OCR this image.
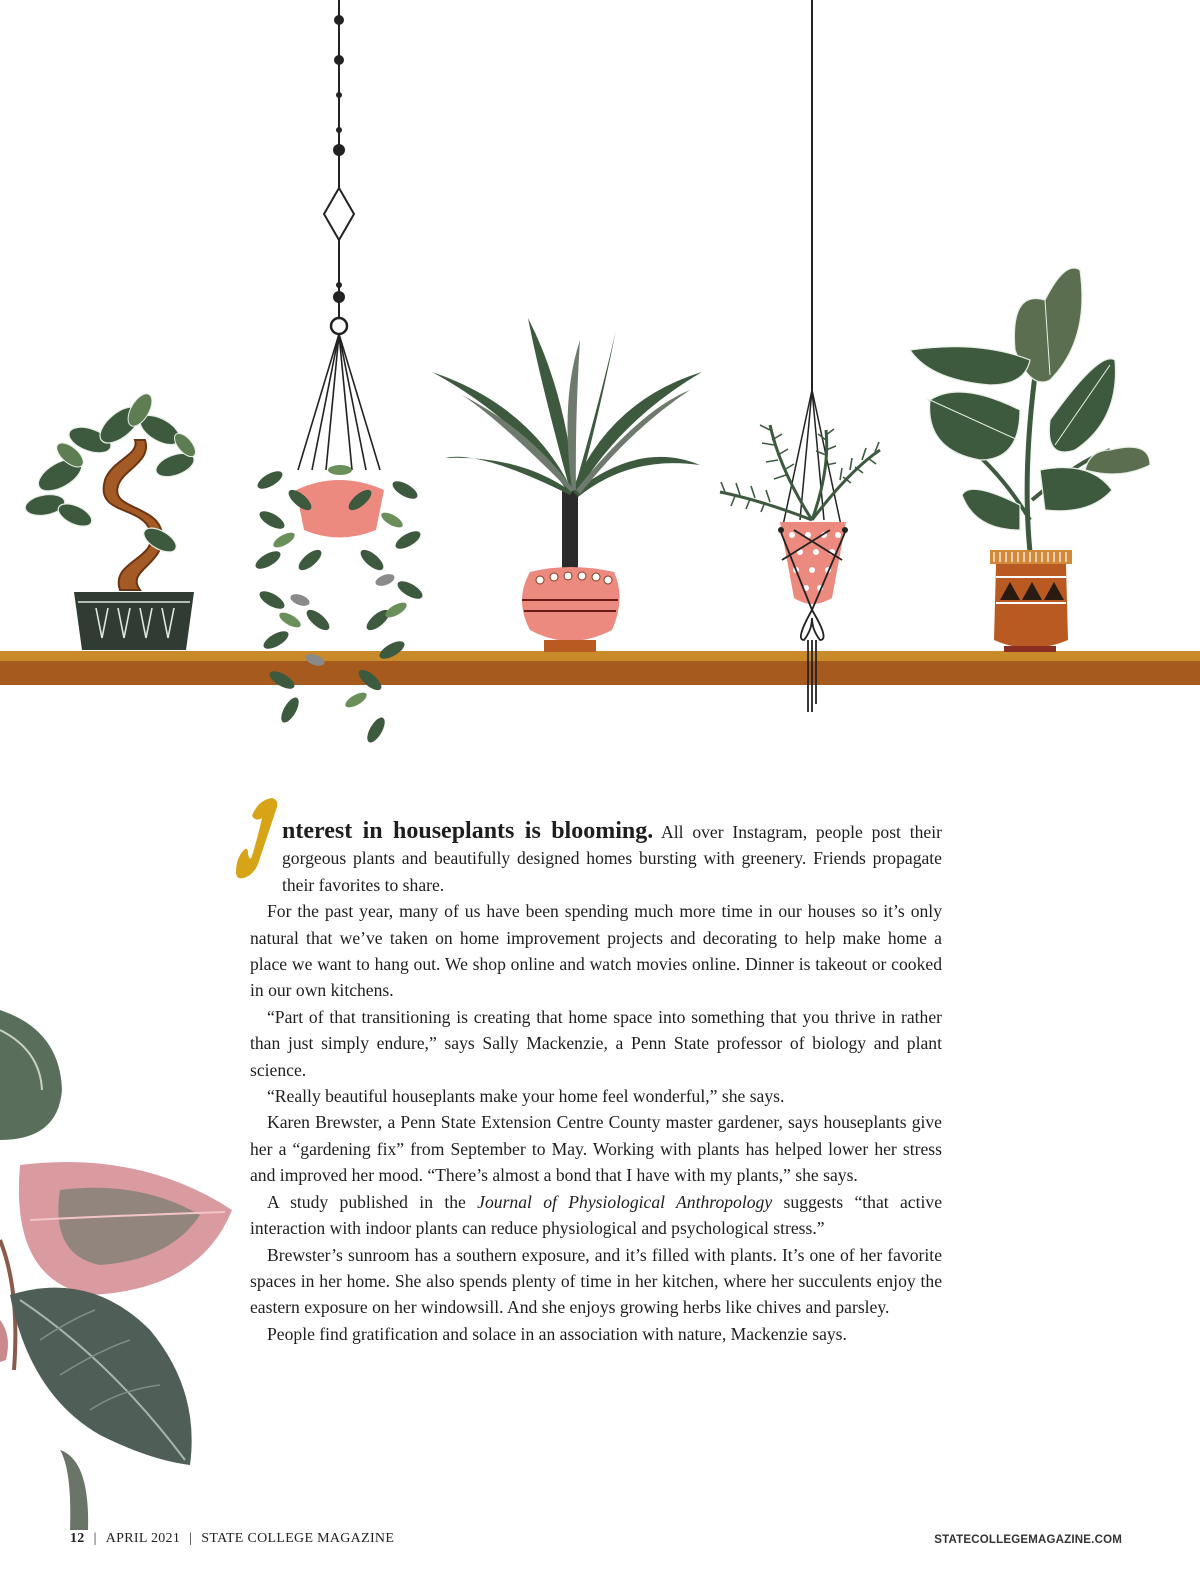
nterest in houseplants is blooming. All over Instagram, people post their gorgeous plants and beautifully designed homes bursting with greenery. Friends propagate their favorites to share.

For the past year, many of us have been spending much more time in our houses so it’s only natural that we’ve taken on home improvement projects and decorating to help make home a place we want to hang out. We shop online and watch movies online. Dinner is takeout or cooked in our own kitchens.

“Part of that transitioning is creating that home space into something that you thrive in rather than just simply endure,” says Sally Mackenzie, a Penn State professor of biology and plant science.

“Really beautiful houseplants make your home feel wonderful,” she says.

Karen Brewster, a Penn State Extension Centre County master gardener, says houseplants give her a “gardening fix” from September to May. Working with plants has helped lower her stress and improved her mood. “There’s almost a bond that I have with my plants,” she says.

A study published in the Journal of Physiological Anthropology suggests “that active interaction with indoor plants can reduce physiological and psychological stress.”

Brewster’s sunroom has a southern exposure, and it’s filled with plants. It’s one of her favorite spaces in her home. She also spends plenty of time in her kitchen, where her succulents enjoy the eastern exposure on her windowsill. And she enjoys growing herbs like chives and parsley.

People find gratification and solace in an association with nature, Mackenzie says.

12 | APRIL 2021 | STATE COLLEGE MAGAZINE	STATECOLLEGEMAGAZINE.COM
